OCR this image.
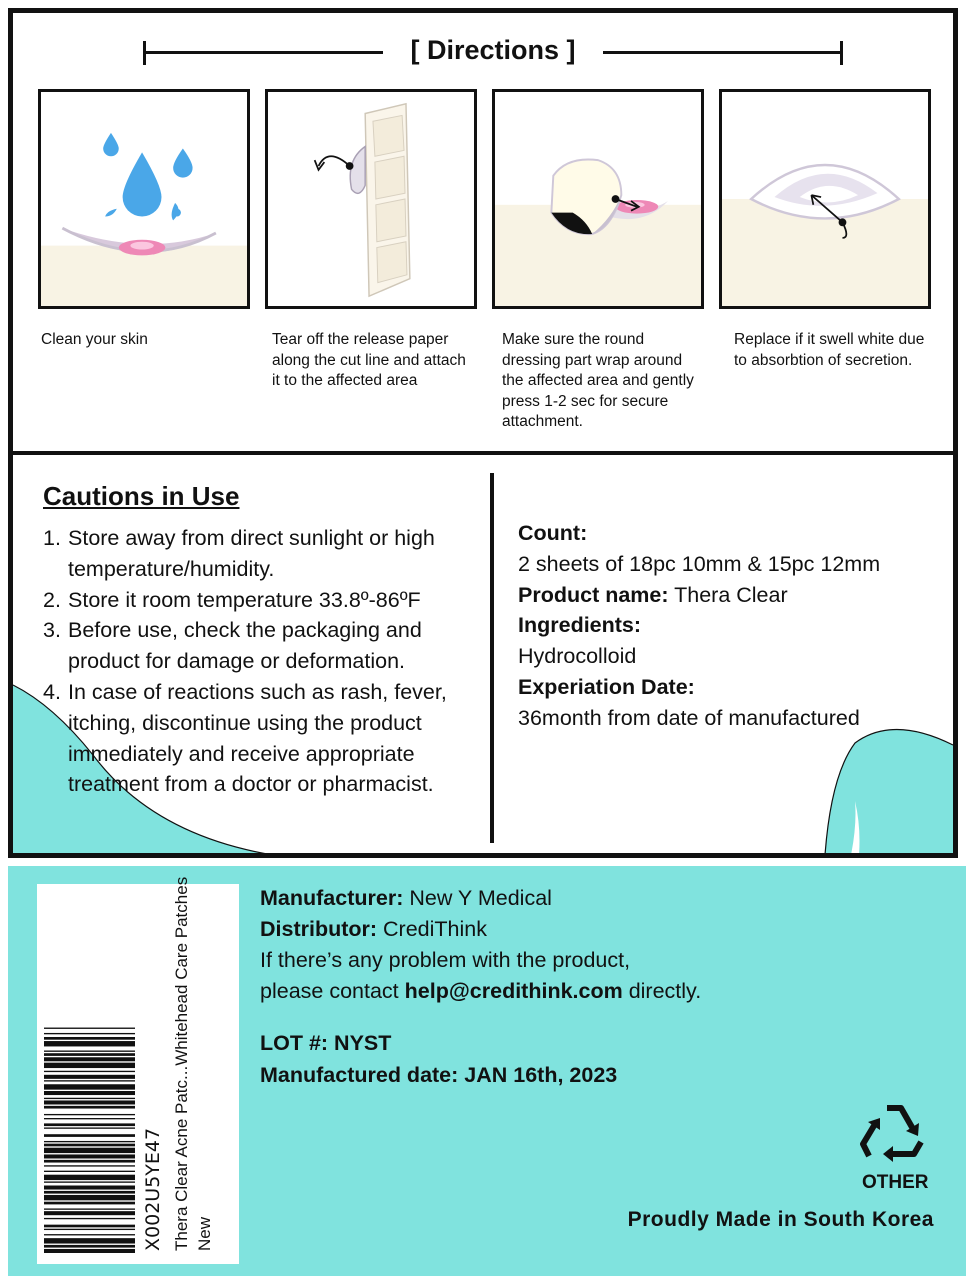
[ Directions ]
Clean your skin	Tear off the release paper along the cut line and attach it to the affected area
Make sure the round dressing part wrap around the affected area and gently press 1-2 sec for secure attachment.
Replace if it swell white due to absorbtion of secretion.
Cautions in Use
1. Store away from direct sunlight or high temperature/humidity.
2. Store it room temperature 33.8º-86ºF
3. Before use, check the packaging and product for damage or deformation.
4. In case of reactions such as rash, fever, itching, discontinue using the product immediately and receive appropriate treatment from a doctor or pharmacist.
Count:
2 sheets of 18pc 10mm & 15pc 12mm
Product name: Thera Clear
Ingredients:
Hydrocolloid
Experiation Date:
36month from date of manufactured
X002U5YE47 Thera Clear Acne Patc...Whitehead Care Patches New
Manufacturer: New Y Medical
Distributor: CrediThink
If there’s any problem with the product,
please contact help@credithink.com directly.
LOT #: NYST
Manufactured date: JAN 16th, 2023
OTHER
Proudly Made in South Korea
